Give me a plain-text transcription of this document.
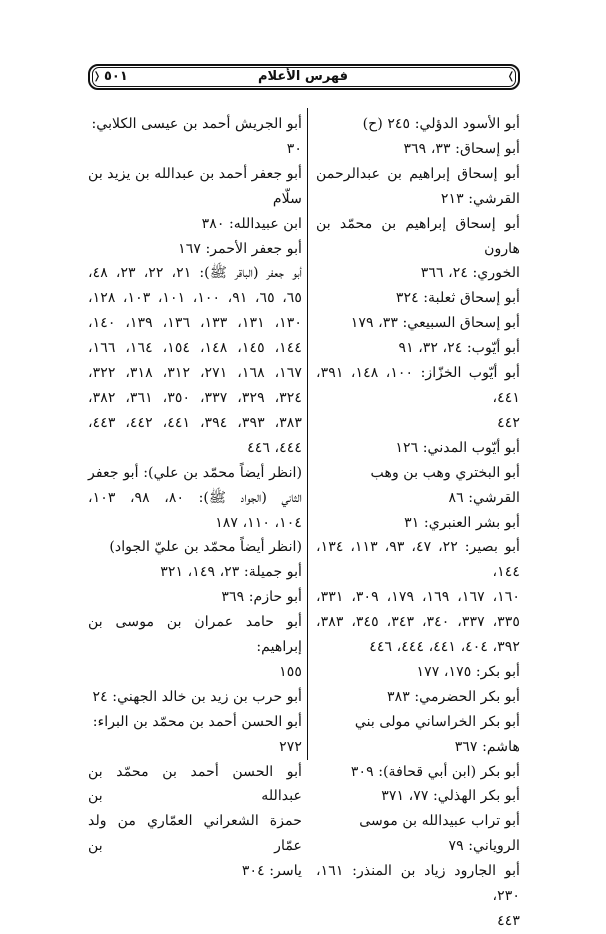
فهرس الأعلام
٥٠١	❬
❭
أبو الأسود الدؤلي: ٢٤٥ (ح)
أبو إسحاق: ٣٣، ٣٦٩
أبو إسحاق إبراهيم بن عبدالرحمن
القرشي: ٢١٣
أبو إسحاق إبراهيم بن محمّد بن هارون
الخوري: ٢٤، ٣٦٦
أبو إسحاق ثعلبة: ٣٢٤
أبو إسحاق السبيعي: ٣٣، ١٧٩
أبو أيّوب: ٢٤، ٣٢، ٩١
أبو أيّوب الخزّاز: ١٠٠، ١٤٨، ٣٩١، ٤٤١،
٤٤٢
أبو أيّوب المدني: ١٢٦
أبو البختري وهب بن وهب القرشي: ٨٦
أبو بشر العنبري: ٣١
أبو بصير: ٢٢، ٤٧، ٩٣، ١١٣، ١٣٤، ١٤٤،
١٦٠، ١٦٧، ١٦٩، ١٧٩، ٣٠٩، ٣٣١،
٣٣٥، ٣٣٧، ٣٤٠، ٣٤٣، ٣٤٥، ٣٨٣،
٣٩٢، ٤٠٤، ٤٤١، ٤٤٤، ٤٤٦
أبو بكر: ١٧٥، ١٧٧
أبو بكر الحضرمي: ٣٨٣
أبو بكر الخراساني مولى بني هاشم: ٣٦٧
أبو بكر (ابن أبي قحافة): ٣٠٩
أبو بكر الهذلي: ٧٧، ٣٧١
أبو تراب عبيدالله بن موسى الروياني: ٧٩
أبو الجارود زياد بن المنذر: ١٦١، ٢٣٠،
٤٤٣
أبو الجريش أحمد بن عيسى الكلابي: ٣٠
أبو جعفر أحمد بن عبدالله بن يزيد بن سلّام
ابن عبيدالله: ٣٨٠
أبو جعفر الأحمر: ١٦٧
أبو جعفر (الباقر ﷺ): ٢١، ٢٢، ٢٣، ٤٨،
٦٥، ٦٥، ٩١، ١٠٠، ١٠١، ١٠٣، ١٢٨،
١٣٠، ١٣١، ١٣٣، ١٣٦، ١٣٩، ١٤٠،
١٤٤، ١٤٥، ١٤٨، ١٥٤، ١٦٤، ١٦٦،
١٦٧، ١٦٨، ٢٧١، ٣١٢، ٣١٨، ٣٢٢،
٣٢٤، ٣٢٩، ٣٣٧، ٣٥٠، ٣٦١، ٣٨٢،
٣٨٣، ٣٩٣، ٣٩٤، ٤٤١، ٤٤٢، ٤٤٣،
٤٤٤، ٤٤٦
(انظر أيضاً محمّد بن علي): أبو جعفر
الثاني (الجواد ﷺ): ٨٠، ٩٨، ١٠٣،
١٠٤، ١١٠، ١٨٧
(انظر أيضاً محمّد بن عليّ الجواد)
أبو جميلة: ٢٣، ١٤٩، ٣٢١
أبو حازم: ٣٦٩
أبو حامد عمران بن موسى بن إبراهيم:
١٥٥
أبو حرب بن زيد بن خالد الجهني: ٢٤
أبو الحسن أحمد بن محمّد بن البراء: ٢٧٢
أبو الحسن أحمد بن محمّد بن عبدالله بن
حمزة الشعراني العمّاري من ولد عمّار بن
ياسر: ٣٠٤
